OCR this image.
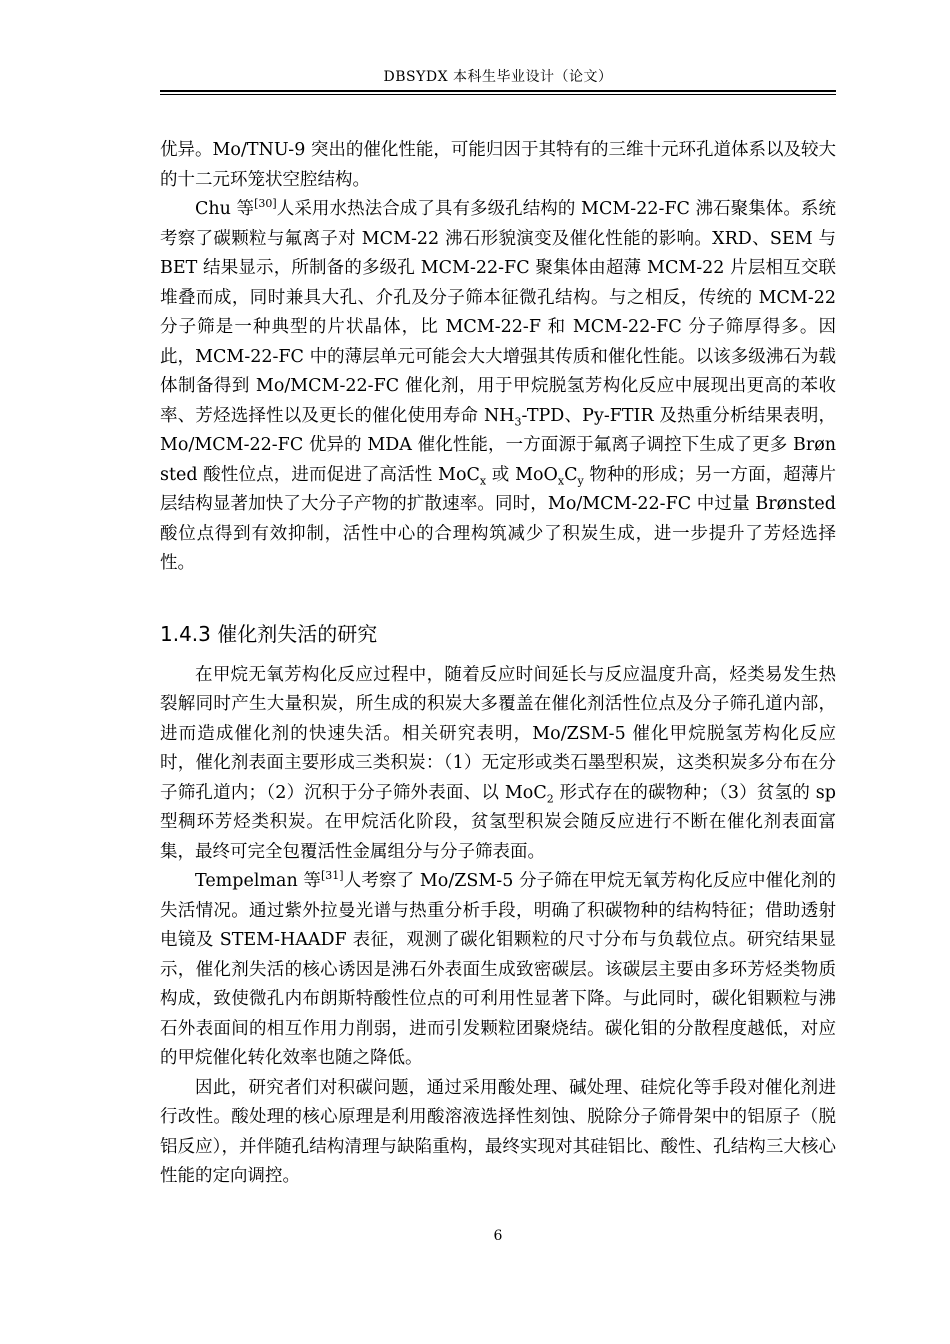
DBSYDX 本科生毕业设计（论文）

优异。Mo/TNU-9 突出的催化性能，可能归因于其特有的三维十元环孔道体系以及较大的十二元环笼状空腔结构。

Chu 等[30]人采用水热法合成了具有多级孔结构的 MCM-22-FC 沸石聚集体。系统考察了碳颗粒与氟离子对 MCM-22 沸石形貌演变及催化性能的影响。XRD、SEM 与 BET 结果显示，所制备的多级孔 MCM-22-FC 聚集体由超薄 MCM-22 片层相互交联堆叠而成，同时兼具大孔、介孔及分子筛本征微孔结构。与之相反，传统的 MCM-22 分子筛是一种典型的片状晶体，比 MCM-22-F 和 MCM-22-FC 分子筛厚得多。因此，MCM-22-FC 中的薄层单元可能会大大增强其传质和催化性能。以该多级沸石为载体制备得到 Mo/MCM-22-FC 催化剂，用于甲烷脱氢芳构化反应中展现出更高的苯收率、芳烃选择性以及更长的催化使用寿命 $NH_3$-TPD、Py-FTIR 及热重分析结果表明，Mo/MCM-22-FC 优异的 MDA 催化性能，一方面源于氟离子调控下生成了更多 Brønsted 酸性位点，进而促进了高活性 MoC$_x$ 或 $MoO_xC_y$ 物种的形成；另一方面，超薄片层结构显著加快了大分子产物的扩散速率。同时，Mo/MCM-22-FC 中过量 Brønsted 酸位点得到有效抑制，活性中心的合理构筑减少了积炭生成，进一步提升了芳烃选择性。

1.4.3 催化剂失活的研究

在甲烷无氧芳构化反应过程中，随着反应时间延长与反应温度升高，烃类易发生热裂解同时产生大量积炭，所生成的积炭大多覆盖在催化剂活性位点及分子筛孔道内部，进而造成催化剂的快速失活。相关研究表明，Mo/ZSM-5 催化甲烷脱氢芳构化反应时，催化剂表面主要形成三类积炭：（1）无定形或类石墨型积炭，这类积炭多分布在分子筛孔道内；（2）沉积于分子筛外表面、以 MoC$_2$ 形式存在的碳物种；（3）贫氢的 sp 型稠环芳烃类积炭。在甲烷活化阶段，贫氢型积炭会随反应进行不断在催化剂表面富集，最终可完全包覆活性金属组分与分子筛表面。

Tempelman 等[31]人考察了 Mo/ZSM-5 分子筛在甲烷无氧芳构化反应中催化剂的失活情况。通过紫外拉曼光谱与热重分析手段，明确了积碳物种的结构特征；借助透射电镜及 STEM-HAADF 表征，观测了碳化钼颗粒的尺寸分布与负载位点。研究结果显示，催化剂失活的核心诱因是沸石外表面生成致密碳层。该碳层主要由多环芳烃类物质构成，致使微孔内布朗斯特酸性位点的可利用性显著下降。与此同时，碳化钼颗粒与沸石外表面间的相互作用力削弱，进而引发颗粒团聚烧结。碳化钼的分散程度越低，对应的甲烷催化转化效率也随之降低。

因此，研究者们对积碳问题，通过采用酸处理、碱处理、硅烷化等手段对催化剂进行改性。酸处理的核心原理是利用酸溶液选择性刻蚀、脱除分子筛骨架中的铝原子（脱铝反应），并伴随孔结构清理与缺陷重构，最终实现对其硅铝比、酸性、孔结构三大核心性能的定向调控。

6
